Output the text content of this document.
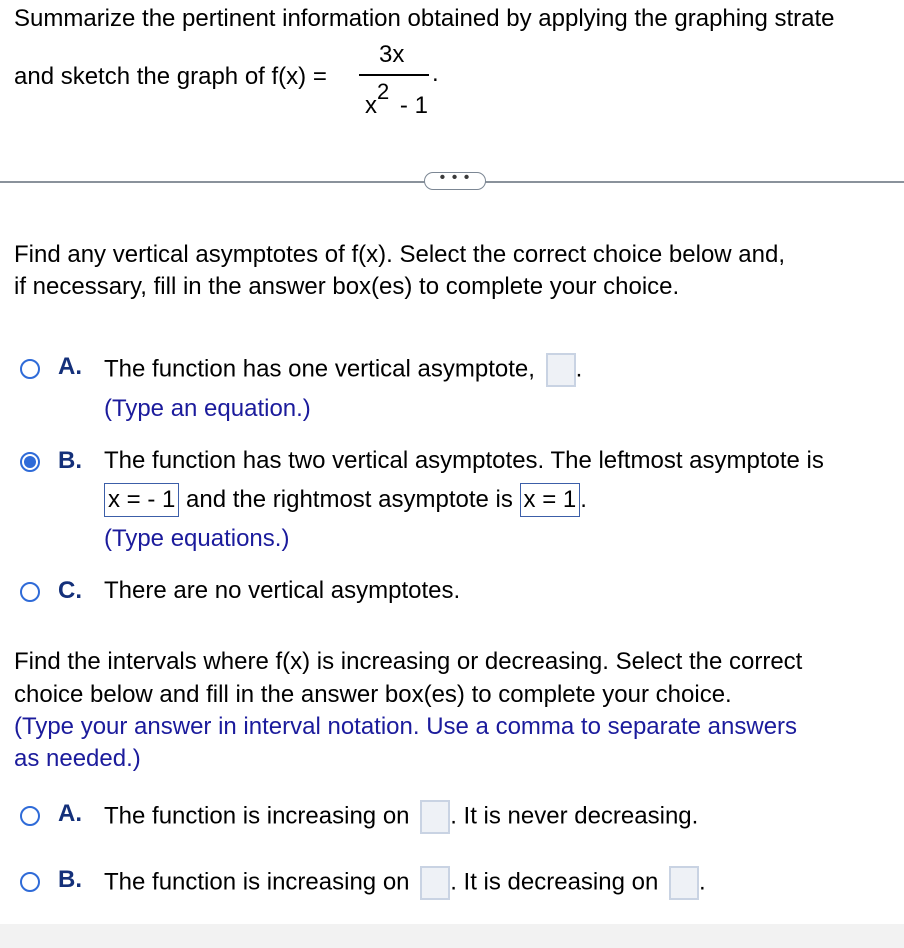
Summarize the pertinent information obtained by applying the graphing strate
and sketch the graph of f(x) =
3x
x2 - 1
.
• • •
Find any vertical asymptotes of f(x). Select the correct choice below and,
if necessary, fill in the answer box(es) to complete your choice.
A. The function has one vertical asymptote, .
(Type an equation.)
B. The function has two vertical asymptotes. The leftmost asymptote is
x = - 1 and the rightmost asymptote is x = 1 .
(Type equations.)
C. There are no vertical asymptotes.
Find the intervals where f(x) is increasing or decreasing. Select the correct
choice below and fill in the answer box(es) to complete your choice.
(Type your answer in interval notation. Use a comma to separate answers
as needed.)
A. The function is increasing on . It is never decreasing.
B. The function is increasing on . It is decreasing on .
